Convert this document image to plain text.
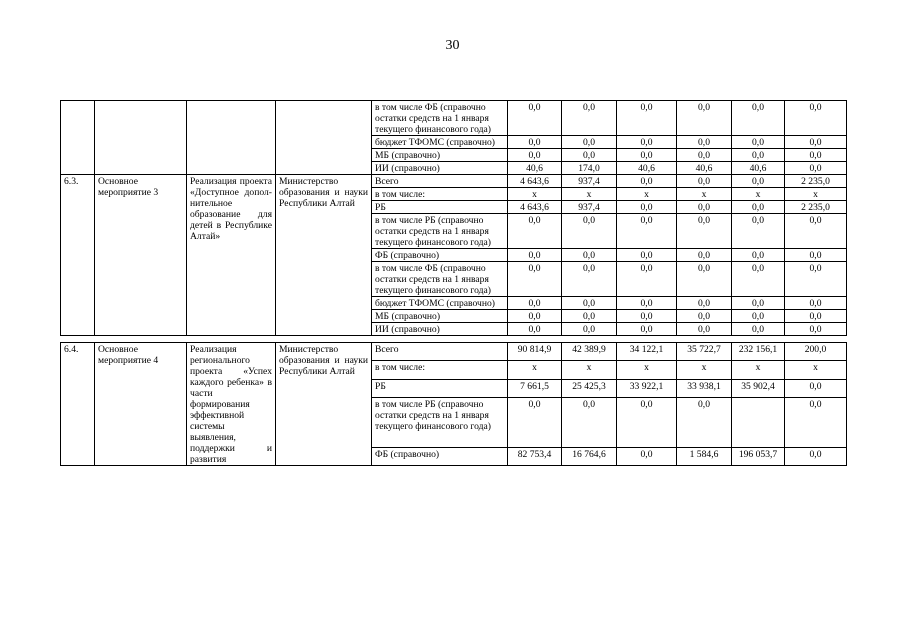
30
				в том числе ФБ (справочно остатки средств на 1 января текущего финансового года)	0,0	0,0	0,0	0,0	0,0	0,0
				бюджет ТФОМС (справочно)	0,0	0,0	0,0	0,0	0,0	0,0
				МБ (справочно)	0,0	0,0	0,0	0,0	0,0	0,0
				ИИ (справочно)	40,6	174,0	40,6	40,6	40,6	0,0
6.3.	Основное мероприятие 3	Реализация проекта «Доступное допол-нительное образование для детей в Республике Алтай»	Министерство образования и науки Республики Алтай	Всего	4 643,6	937,4	0,0	0,0	0,0	2 235,0
				в том числе:	х	х	х	х	х	х
				РБ	4 643,6	937,4	0,0	0,0	0,0	2 235,0
				в том числе РБ (справочно остатки средств на 1 января текущего финансового года)	0,0	0,0	0,0	0,0	0,0	0,0
				ФБ (справочно)	0,0	0,0	0,0	0,0	0,0	0,0
				в том числе ФБ (справочно остатки средств на 1 января текущего финансового года)	0,0	0,0	0,0	0,0	0,0	0,0
				бюджет ТФОМС (справочно)	0,0	0,0	0,0	0,0	0,0	0,0
				МБ (справочно)	0,0	0,0	0,0	0,0	0,0	0,0
				ИИ (справочно)	0,0	0,0	0,0	0,0	0,0	0,0

6.4.	Основное мероприятие 4	Реализация регионального проекта «Успех каждого ребенка» в части формирования эффективной системы выявления, поддержки и развития	Министерство образования и науки Республики Алтай	Всего	90 814,9	42 389,9	34 122,1	35 722,7	232 156,1	200,0
				в том числе:	х	х	х	х	х	х
				РБ	7 661,5	25 425,3	33 922,1	33 938,1	35 902,4	0,0
				в том числе РБ (справочно остатки средств на 1 января текущего финансового года)	0,0	0,0	0,0	0,0		0,0
				ФБ (справочно)	82 753,4	16 764,6	0,0	1 584,6	196 053,7	0,0
